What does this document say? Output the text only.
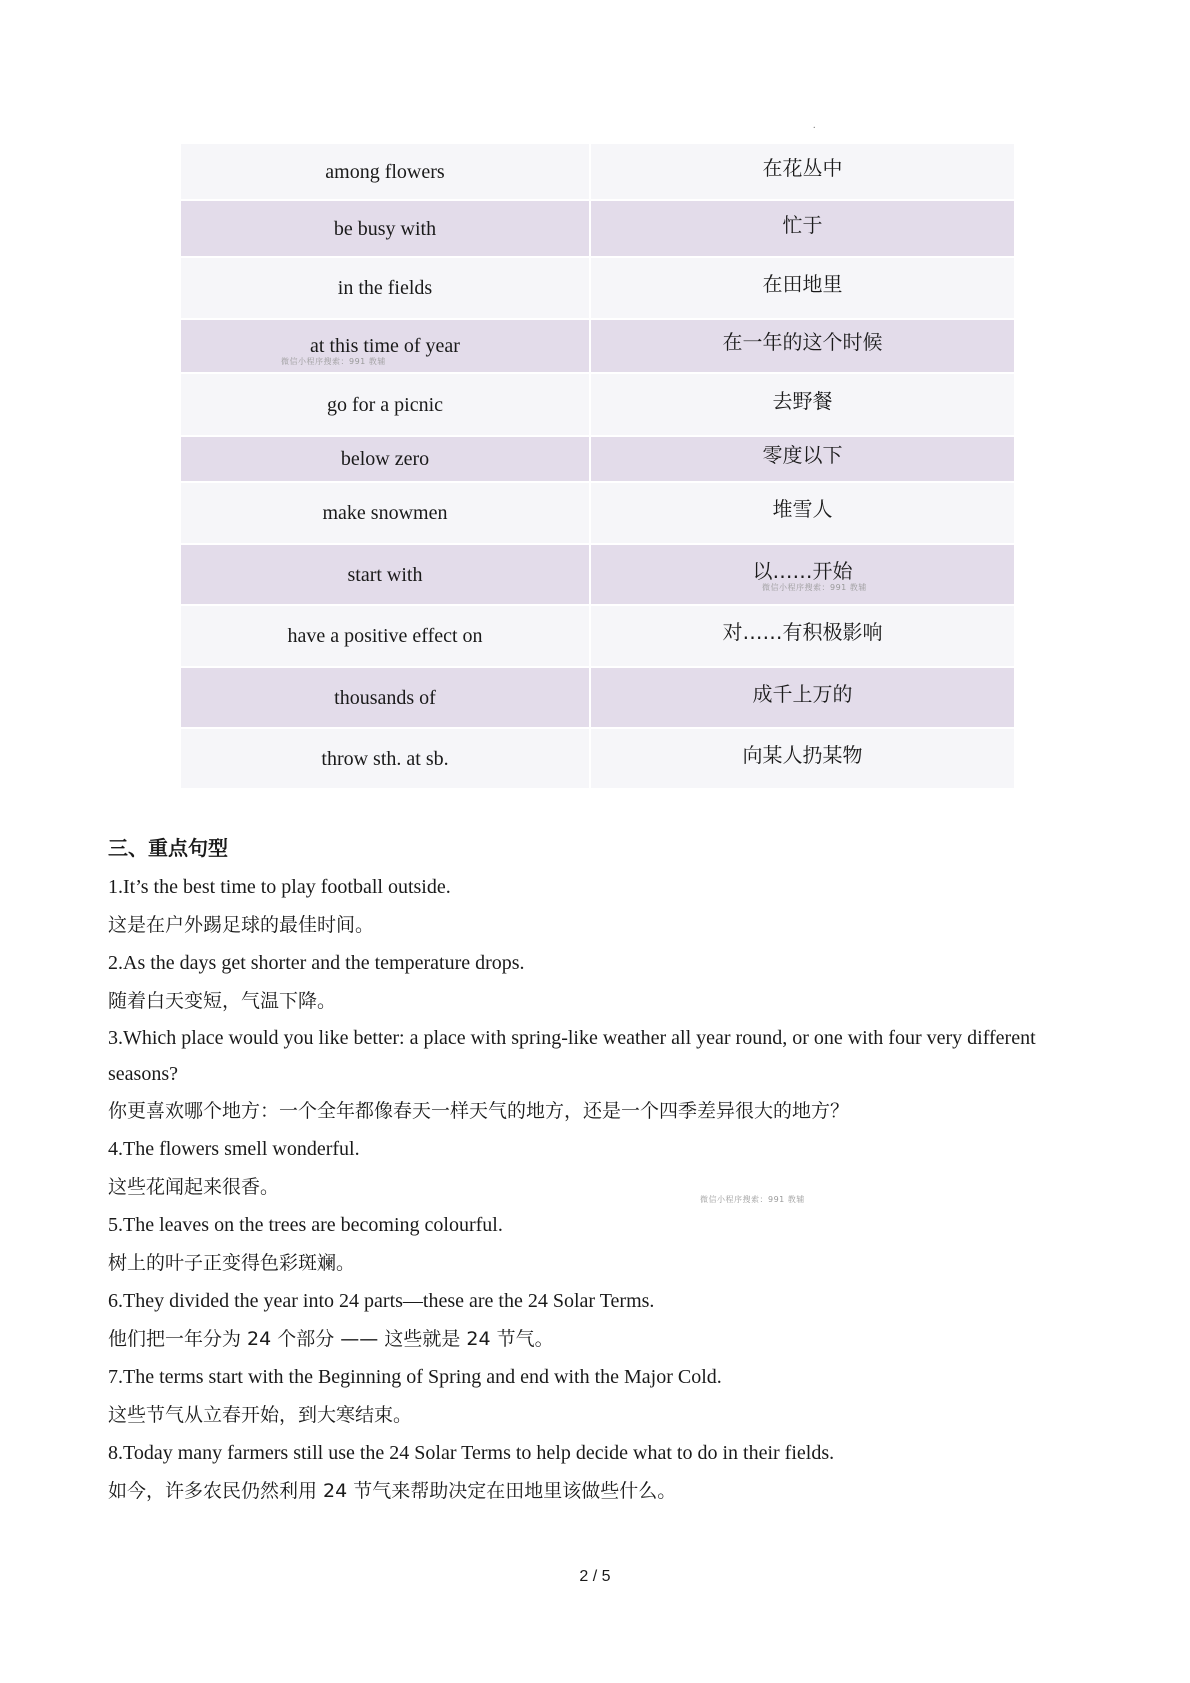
.
among flowers	在花丛中
be busy with	忙于
in the fields	在田地里
at this time of year	在一年的这个时候
go for a picnic	去野餐
below zero	零度以下
make snowmen	堆雪人
start with	以……开始
have a positive effect on	对……有积极影响
thousands of	成千上万的
throw sth. at sb.	向某人扔某物
微信小程序搜索：991 教辅
微信小程序搜索：991 教辅
微信小程序搜索：991 教辅
三、重点句型
1.It’s the best time to play football outside.
这是在户外踢足球的最佳时间。
2.As the days get shorter and the temperature drops.
随着白天变短，气温下降。
3.Which place would you like better: a place with spring-like weather all year round, or one with four very different seasons?
你更喜欢哪个地方：一个全年都像春天一样天气的地方，还是一个四季差异很大的地方？
4.The flowers smell wonderful.
这些花闻起来很香。
5.The leaves on the trees are becoming colourful.
树上的叶子正变得色彩斑斓。
6.They divided the year into 24 parts—these are the 24 Solar Terms.
他们把一年分为 24 个部分 —— 这些就是 24 节气。
7.The terms start with the Beginning of Spring and end with the Major Cold.
这些节气从立春开始，到大寒结束。
8.Today many farmers still use the 24 Solar Terms to help decide what to do in their fields.
如今，许多农民仍然利用 24 节气来帮助决定在田地里该做些什么。
2 / 5
